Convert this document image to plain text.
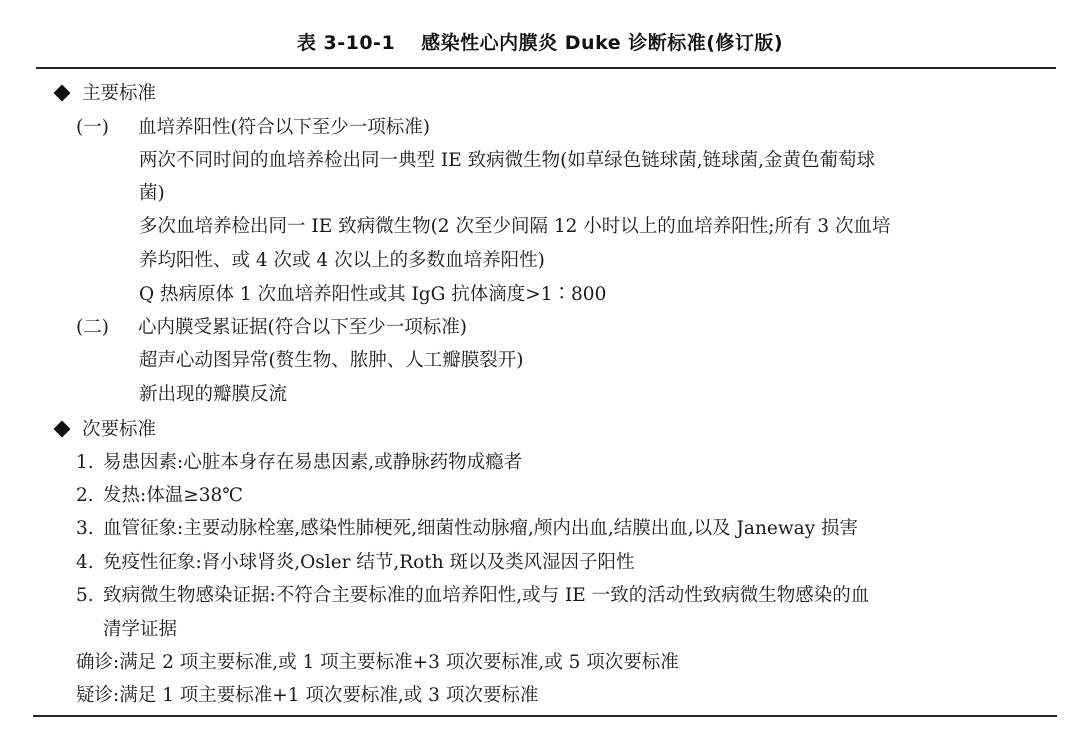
表 3-10-1 感染性心内膜炎 Duke 诊断标准(修订版)
主要标准
(一) 血培养阳性(符合以下至少一项标准)
两次不同时间的血培养检出同一典型 IE 致病微生物(如草绿色链球菌,链球菌,金黄色葡萄球
菌)
多次血培养检出同一 IE 致病微生物(2 次至少间隔 12 小时以上的血培养阳性;所有 3 次血培
养均阳性、或 4 次或 4 次以上的多数血培养阳性)
Q 热病原体 1 次血培养阳性或其 IgG 抗体滴度>1∶800
(二) 心内膜受累证据(符合以下至少一项标准)
超声心动图异常(赘生物、脓肿、人工瓣膜裂开)
新出现的瓣膜反流
次要标准
1. 易患因素:心脏本身存在易患因素,或静脉药物成瘾者
2. 发热:体温≥38℃
3. 血管征象:主要动脉栓塞,感染性肺梗死,细菌性动脉瘤,颅内出血,结膜出血,以及 Janeway 损害
4. 免疫性征象:肾小球肾炎,Osler 结节,Roth 斑以及类风湿因子阳性
5. 致病微生物感染证据:不符合主要标准的血培养阳性,或与 IE 一致的活动性致病微生物感染的血
清学证据
确诊:满足 2 项主要标准,或 1 项主要标准+3 项次要标准,或 5 项次要标准
疑诊:满足 1 项主要标准+1 项次要标准,或 3 项次要标准
